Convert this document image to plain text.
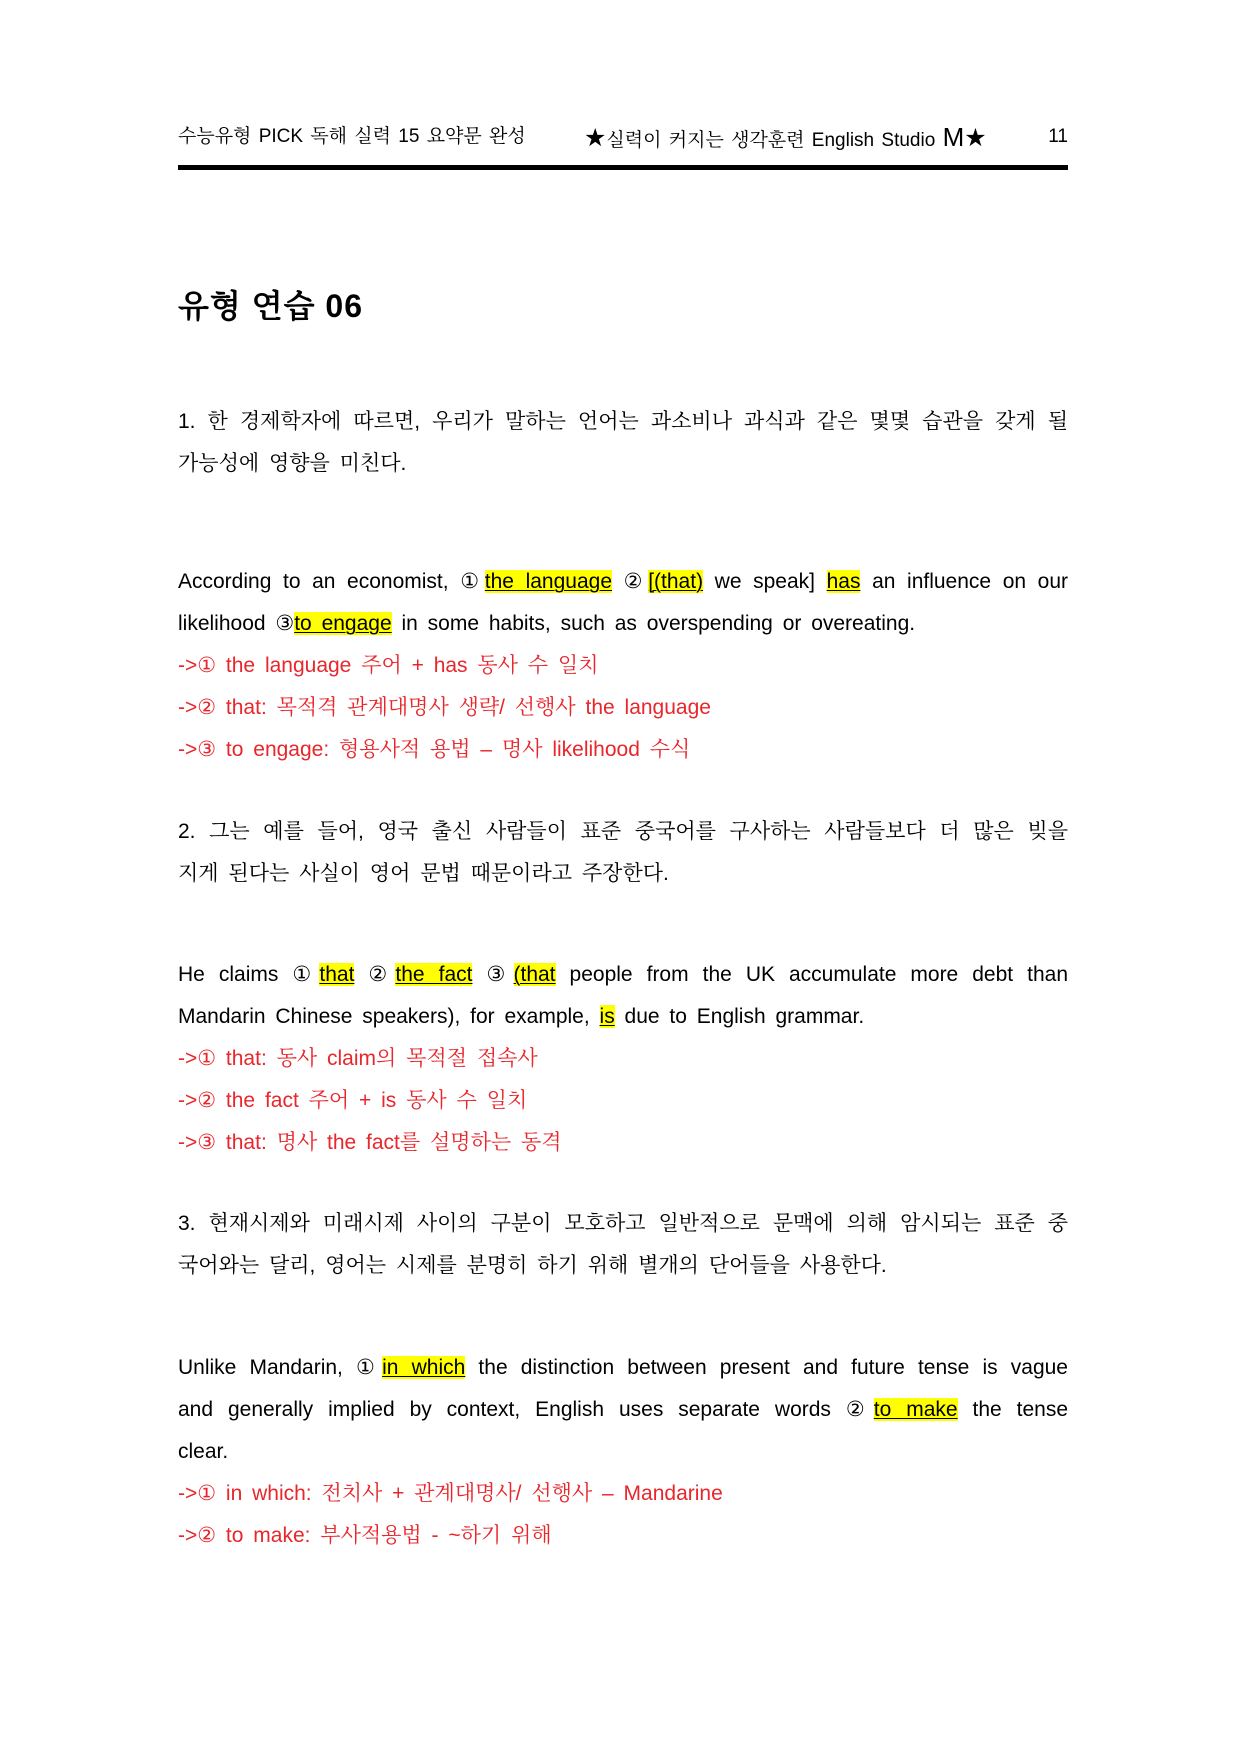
수능유형 PICK 독해 실력 15 요약문 완성 ★실력이 커지는 생각훈련 English Studio M★	11
유형 연습 06
1. 한 경제학자에 따르면, 우리가 말하는 언어는 과소비나 과식과 같은 몇몇 습관을 갖게 될
가능성에 영향을 미친다.
According to an economist, ①the language ②[(that) we speak] has an influence on our
likelihood ③to engage in some habits, such as overspending or overeating.
->① the language 주어 + has 동사 수 일치
->② that: 목적격 관계대명사 생략/ 선행사 the language
->③ to engage: 형용사적 용법 – 명사 likelihood 수식
2. 그는 예를 들어, 영국 출신 사람들이 표준 중국어를 구사하는 사람들보다 더 많은 빚을
지게 된다는 사실이 영어 문법 때문이라고 주장한다.
He claims ①that ②the fact ③(that people from the UK accumulate more debt than
Mandarin Chinese speakers), for example, is due to English grammar.
->① that: 동사 claim의 목적절 접속사
->② the fact 주어 + is 동사 수 일치
->③ that: 명사 the fact를 설명하는 동격
3. 현재시제와 미래시제 사이의 구분이 모호하고 일반적으로 문맥에 의해 암시되는 표준 중
국어와는 달리, 영어는 시제를 분명히 하기 위해 별개의 단어들을 사용한다.
Unlike Mandarin, ①in which the distinction between present and future tense is vague
and generally implied by context, English uses separate words ②to make the tense
clear.
->① in which: 전치사 + 관계대명사/ 선행사 – Mandarine
->② to make: 부사적용법 - ~하기 위해
